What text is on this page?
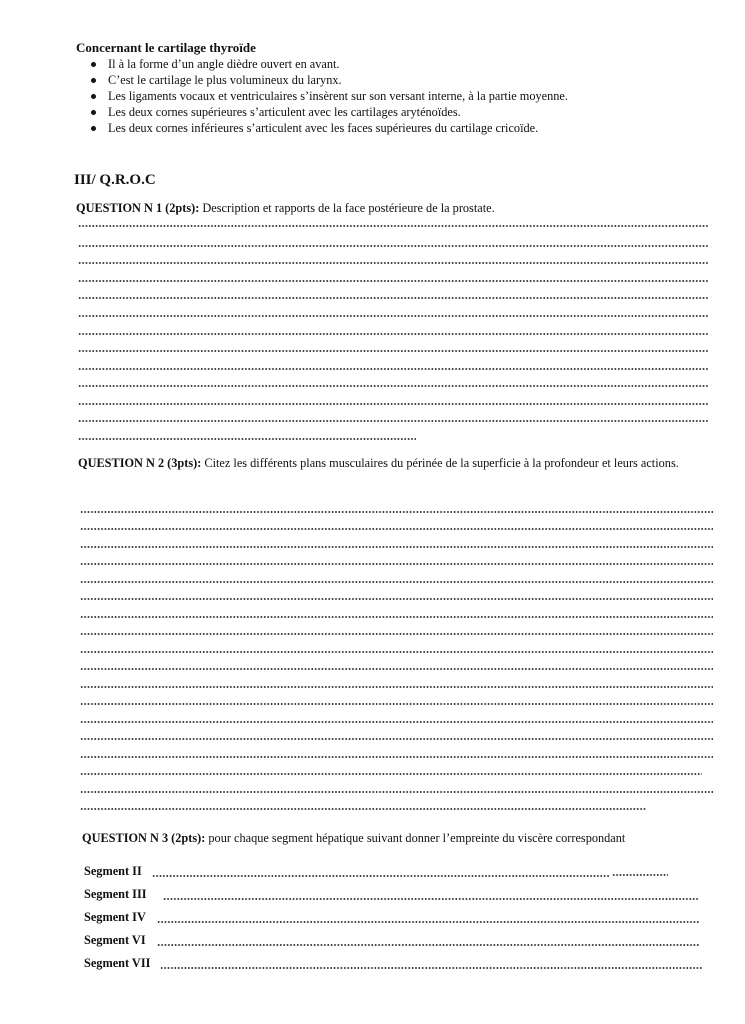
Concernant le cartilage thyroïde
Il à la forme d’un angle dièdre ouvert en avant.
C’est le cartilage le plus volumineux du larynx.
Les ligaments vocaux et ventriculaires s’insèrent sur son versant interne, à la partie moyenne.
Les deux cornes supérieures s’articulent avec les cartilages aryténoïdes.
Les deux cornes inférieures s’articulent avec les faces supérieures du cartilage cricoïde.
III/ Q.R.O.C
QUESTION N 1 (2pts): Description et rapports de la face postérieure de la prostate.
QUESTION N 2 (3pts): Citez les différents plans musculaires du périnée de la superficie à la profondeur et leurs actions.
QUESTION N 3 (2pts): pour chaque segment hépatique suivant donner l’empreinte du viscère correspondant
Segment II
Segment III
Segment IV
Segment VI
Segment VII
